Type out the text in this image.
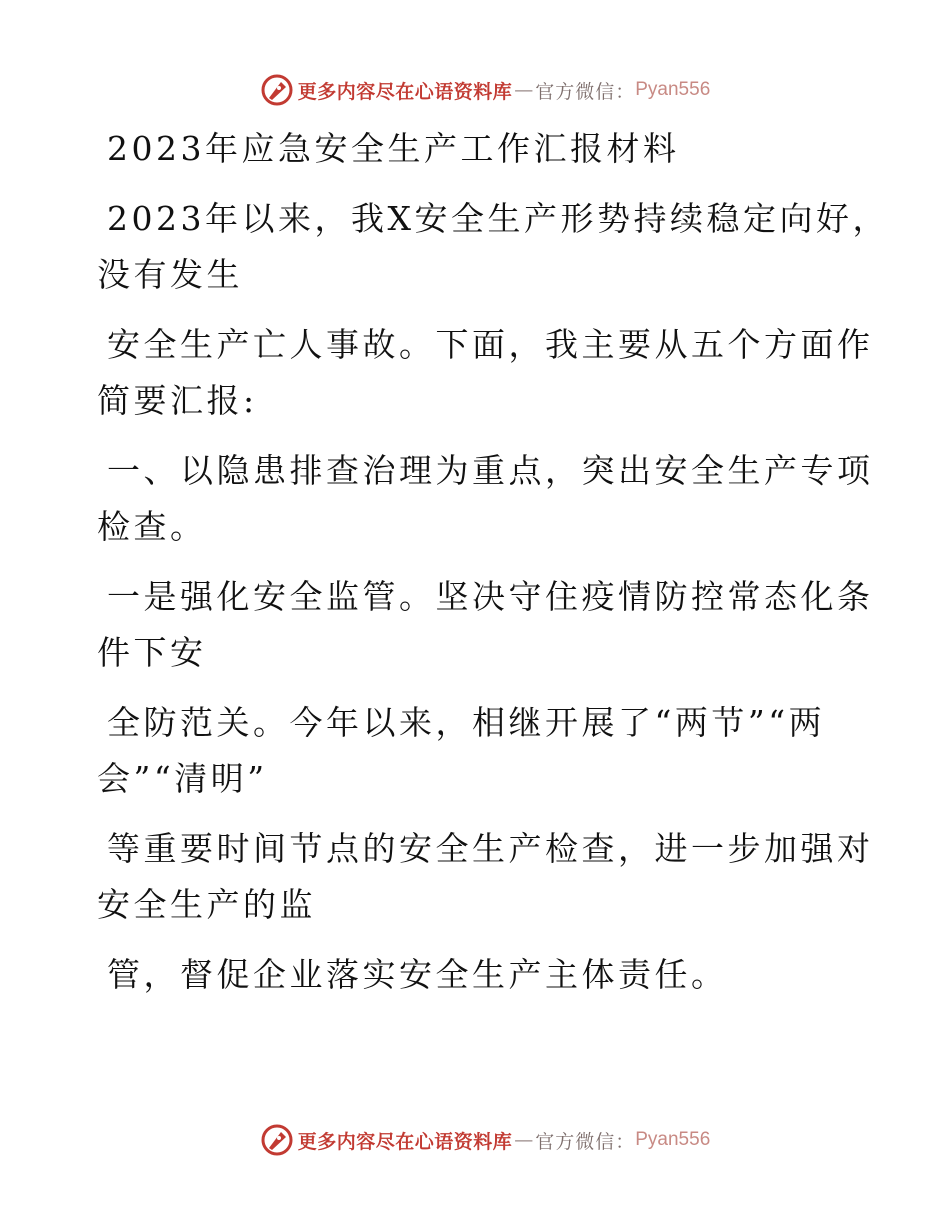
更多内容尽在心语资料库 — 官方微信： Pyan556
2023年应急安全生产工作汇报材料
2023年以来，我X安全生产形势持续稳定向好，
没有发生
安全生产亡人事故。下面，我主要从五个方面作
简要汇报:
一、以隐患排查治理为重点，突出安全生产专项
检查。
一是强化安全监管。坚决守住疫情防控常态化条
件下安
全防范关。今年以来，相继开展了“两节”“两
会”“清明”
等重要时间节点的安全生产检查，进一步加强对
安全生产的监
管，督促企业落实安全生产主体责任。
更多内容尽在心语资料库 — 官方微信： Pyan556
